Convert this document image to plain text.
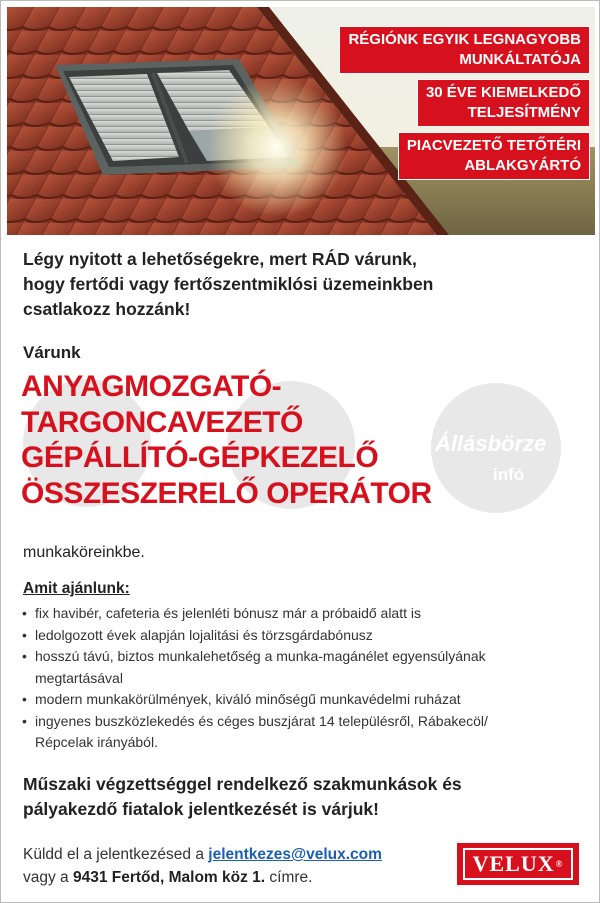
RÉGIÓNK EGYIK LEGNAGYOBB
MUNKÁLTATÓJA
30 ÉVE KIEMELKEDŐ
TELJESÍTMÉNY
PIACVEZETŐ TETŐTÉRI
ABLAKGYÁRTÓ
Állásbörze
infó
Légy nyitott a lehetőségekre, mert RÁD várunk,
hogy fertődi vagy fertőszentmiklósi üzemeinkben
csatlakozz hozzánk!
Várunk
ANYAGMOZGATÓ-
TARGONCAVEZETŐ
GÉPÁLLÍTÓ-GÉPKEZELŐ
ÖSSZESZERELŐ OPERÁTOR
munkaköreinkbe.
Amit ajánlunk:
• fix havibér, cafeteria és jelenléti bónusz már a próbaidő alatt is
• ledolgozott évek alapján lojalitási és törzsgárdabónusz
• hosszú távú, biztos munkalehetőség a munka-magánélet egyensúlyának
megtartásával
• modern munkakörülmények, kiváló minőségű munkavédelmi ruházat
• ingyenes buszközlekedés és céges buszjárat 14 településről, Rábakecöl/
Répcelak irányából.
Műszaki végzettséggel rendelkező szakmunkások és
pályakezdő fiatalok jelentkezését is várjuk!
Küldd el a jelentkezésed a jelentkezes@velux.com
vagy a 9431 Fertőd, Malom köz 1. címre.
VELUX®
